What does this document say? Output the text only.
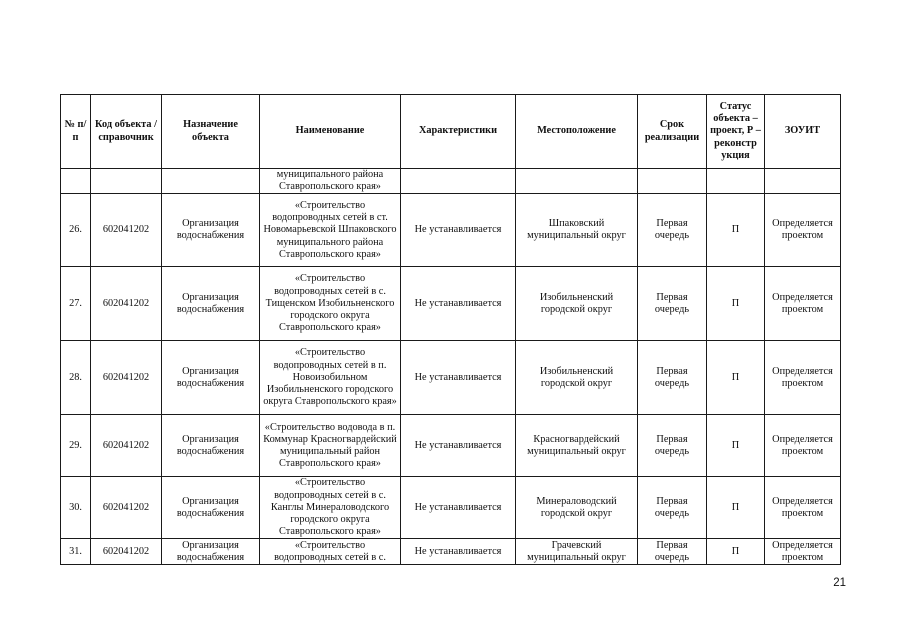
№ п/п	Код объекта / справочник	Назначение объекта	Наименование	Характеристики	Местоположение	Срок реализации	Статус объекта – проект, Р – реконстр укция	ЗОУИТ
			муниципального района Ставропольского края»					
26.	602041202	Организация водоснабжения	«Строительство водопроводных сетей в ст. Новомарьевской Шпаковского муниципального района Ставропольского края»	Не устанавливается	Шпаковский муниципальный округ	Первая очередь	П	Определяется проектом
27.	602041202	Организация водоснабжения	«Строительство водопроводных сетей в с. Тищенском Изобильненского городского округа Ставропольского края»	Не устанавливается	Изобильненский городской округ	Первая очередь	П	Определяется проектом
28.	602041202	Организация водоснабжения	«Строительство водопроводных сетей в п. Новоизобильном Изобильненского городского округа Ставропольского края»	Не устанавливается	Изобильненский городской округ	Первая очередь	П	Определяется проектом
29.	602041202	Организация водоснабжения	«Строительство водовода в п. Коммунар Красногвардейский муниципальный район Ставропольского края»	Не устанавливается	Красногвардейский муниципальный округ	Первая очередь	П	Определяется проектом
30.	602041202	Организация водоснабжения	«Строительство водопроводных сетей в с. Канглы Минераловодского городского округа Ставропольского края»	Не устанавливается	Минераловодский городской округ	Первая очередь	П	Определяется проектом
31.	602041202	Организация водоснабжения	«Строительство водопроводных сетей в с.	Не устанавливается	Грачевский муниципальный округ	Первая очередь	П	Определяется проектом
21
